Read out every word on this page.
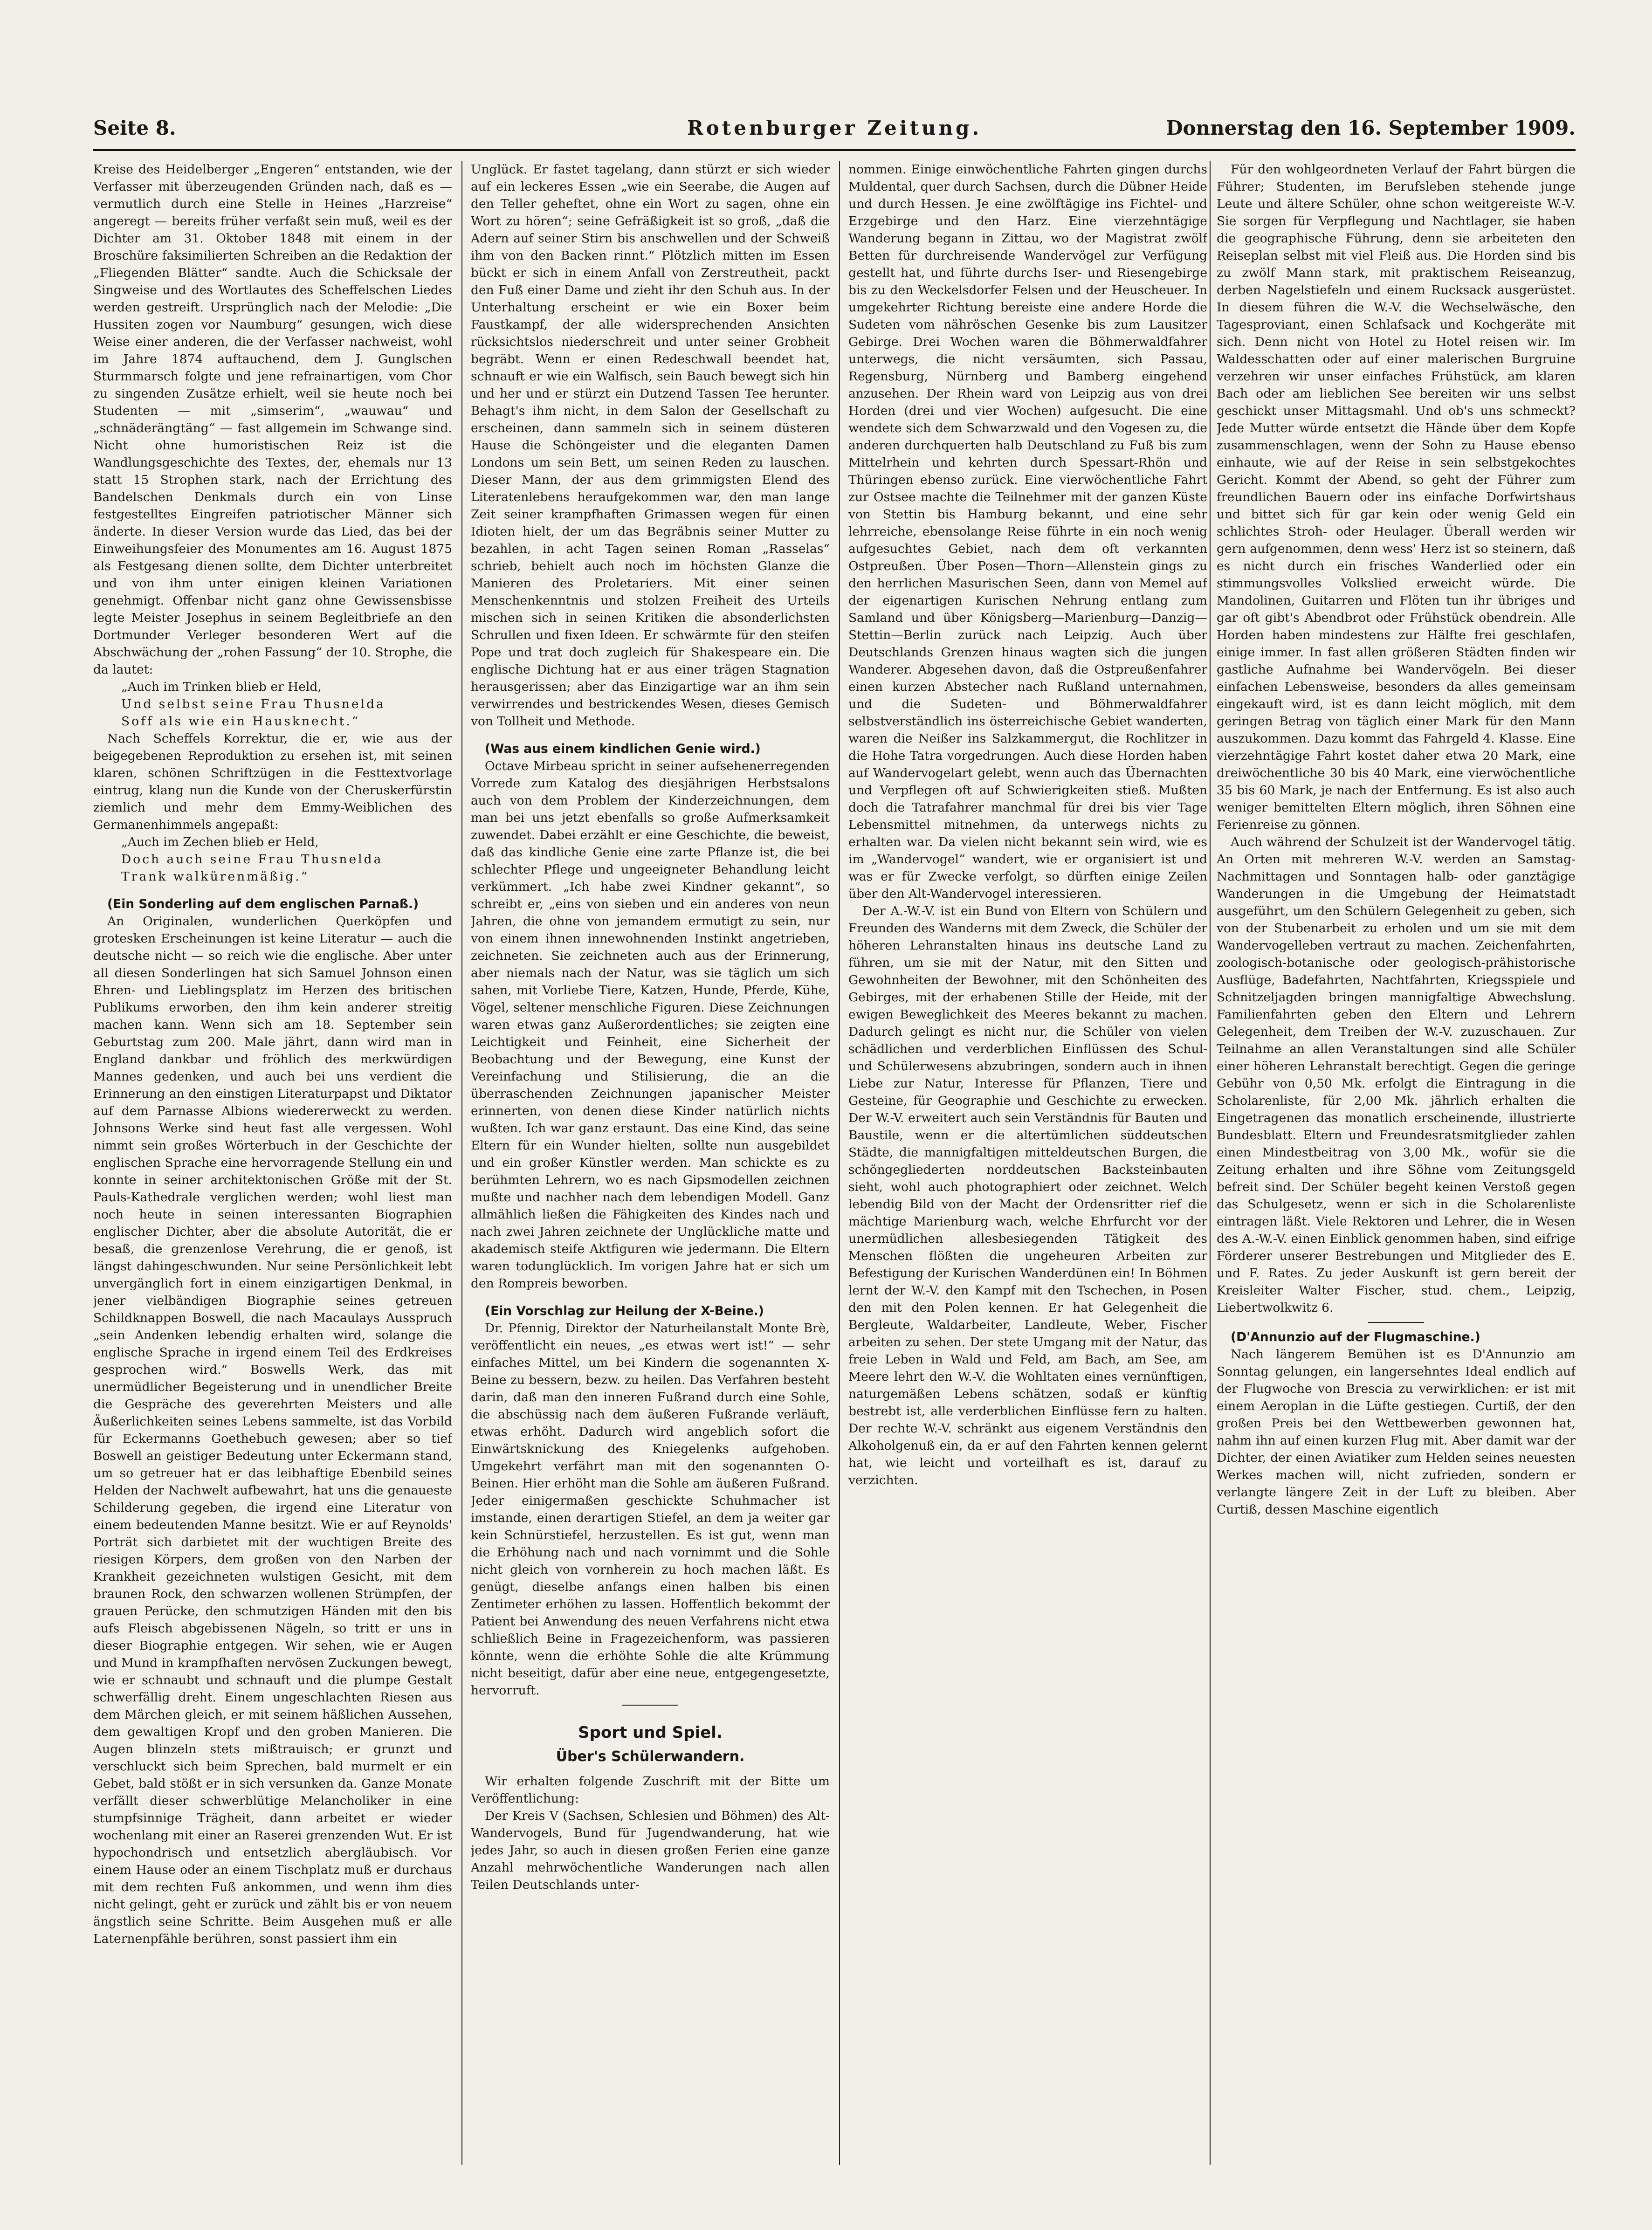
Seite 8.	Rotenburger Zeitung.	Donnerstag den 16. September 1909.

Kreise des Heidelberger „Engeren“ entstanden, wie der Verfasser mit überzeugenden Gründen nach, daß es — vermutlich durch eine Stelle in Heines „Harzreise“ angeregt — bereits früher verfaßt sein muß, weil es der Dichter am 31. Oktober 1848 mit einem in der Broschüre faksimilierten Schreiben an die Redaktion der „Fliegenden Blätter“ sandte. Auch die Schicksale der Singweise und des Wortlautes des Scheffelschen Liedes werden gestreift. Ursprünglich nach der Melodie: „Die Hussiten zogen vor Naumburg“ gesungen, wich diese Weise einer anderen, die der Verfasser nachweist, wohl im Jahre 1874 auftauchend, dem J. Gunglschen Sturmmarsch folgte und jene refrainartigen, vom Chor zu singenden Zusätze erhielt, weil sie heute noch bei Studenten — mit „simserim“, „wauwau“ und „schnäderängtäng“ — fast allgemein im Schwange sind. Nicht ohne humoristischen Reiz ist die Wandlungsgeschichte des Textes, der, ehemals nur 13 statt 15 Strophen stark, nach der Errichtung des Bandelschen Denkmals durch ein von Linse festgestelltes Eingreifen patriotischer Männer sich änderte. In dieser Version wurde das Lied, das bei der Einweihungsfeier des Monumentes am 16. August 1875 als Festgesang dienen sollte, dem Dichter unterbreitet und von ihm unter einigen kleinen Variationen genehmigt. Offenbar nicht ganz ohne Gewissensbisse legte Meister Josephus in seinem Begleitbriefe an den Dortmunder Verleger besonderen Wert auf die Abschwächung der „rohen Fassung“ der 10. Strophe, die da lautet:

„Auch im Trinken blieb er Held,

Und selbst seine Frau Thusnelda

Soff als wie ein Hausknecht.“

Nach Scheffels Korrektur, die er, wie aus der beigegebenen Reproduktion zu ersehen ist, mit seinen klaren, schönen Schriftzügen in die Festtextvorlage eintrug, klang nun die Kunde von der Cheruskerfürstin ziemlich und mehr dem Emmy-Weiblichen des Germanenhimmels angepaßt:

„Auch im Zechen blieb er Held,

Doch auch seine Frau Thusnelda

Trank walkürenmäßig.“

(Ein Sonderling auf dem englischen Parnaß.)

An Originalen, wunderlichen Querköpfen und grotesken Erscheinungen ist keine Literatur — auch die deutsche nicht — so reich wie die englische. Aber unter all diesen Sonderlingen hat sich Samuel Johnson einen Ehren- und Lieblingsplatz im Herzen des britischen Publikums erworben, den ihm kein anderer streitig machen kann. Wenn sich am 18. September sein Geburtstag zum 200. Male jährt, dann wird man in England dankbar und fröhlich des merkwürdigen Mannes gedenken, und auch bei uns verdient die Erinnerung an den einstigen Literaturpapst und Diktator auf dem Parnasse Albions wiedererweckt zu werden. Johnsons Werke sind heut fast alle vergessen. Wohl nimmt sein großes Wörterbuch in der Geschichte der englischen Sprache eine hervorragende Stellung ein und konnte in seiner architektonischen Größe mit der St. Pauls-Kathedrale verglichen werden; wohl liest man noch heute in seinen interessanten Biographien englischer Dichter, aber die absolute Autorität, die er besaß, die grenzenlose Verehrung, die er genoß, ist längst dahingeschwunden. Nur seine Persönlichkeit lebt unvergänglich fort in einem einzigartigen Denkmal, in jener vielbändigen Biographie seines getreuen Schildknappen Boswell, die nach Macaulays Ausspruch „sein Andenken lebendig erhalten wird, solange die englische Sprache in irgend einem Teil des Erdkreises gesprochen wird.“ Boswells Werk, das mit unermüdlicher Begeisterung und in unendlicher Breite die Gespräche des geverehrten Meisters und alle Äußerlichkeiten seines Lebens sammelte, ist das Vorbild für Eckermanns Goethebuch gewesen; aber so tief Boswell an geistiger Bedeutung unter Eckermann stand, um so getreuer hat er das leibhaftige Ebenbild seines Helden der Nachwelt aufbewahrt, hat uns die genaueste Schilderung gegeben, die irgend eine Literatur von einem bedeutenden Manne besitzt. Wie er auf Reynolds' Porträt sich darbietet mit der wuchtigen Breite des riesigen Körpers, dem großen von den Narben der Krankheit gezeichneten wulstigen Gesicht, mit dem braunen Rock, den schwarzen wollenen Strümpfen, der grauen Perücke, den schmutzigen Händen mit den bis aufs Fleisch abgebissenen Nägeln, so tritt er uns in dieser Biographie entgegen. Wir sehen, wie er Augen und Mund in krampfhaften nervösen Zuckungen bewegt, wie er schnaubt und schnauft und die plumpe Gestalt schwerfällig dreht. Einem ungeschlachten Riesen aus dem Märchen gleich, er mit seinem häßlichen Aussehen, dem gewaltigen Kropf und den groben Manieren. Die Augen blinzeln stets mißtrauisch; er grunzt und verschluckt sich beim Sprechen, bald murmelt er ein Gebet, bald stößt er in sich versunken da. Ganze Monate verfällt dieser schwerblütige Melancholiker in eine stumpfsinnige Trägheit, dann arbeitet er wieder wochenlang mit einer an Raserei grenzenden Wut. Er ist hypochondrisch und entsetzlich abergläubisch. Vor einem Hause oder an einem Tischplatz muß er durchaus mit dem rechten Fuß ankommen, und wenn ihm dies nicht gelingt, geht er zurück und zählt bis er von neuem ängstlich seine Schritte. Beim Ausgehen muß er alle Laternenpfähle berühren, sonst passiert ihm ein

Unglück. Er fastet tagelang, dann stürzt er sich wieder auf ein leckeres Essen „wie ein Seerabe, die Augen auf den Teller geheftet, ohne ein Wort zu sagen, ohne ein Wort zu hören“; seine Gefräßigkeit ist so groß, „daß die Adern auf seiner Stirn bis anschwellen und der Schweiß ihm von den Backen rinnt.“ Plötzlich mitten im Essen bückt er sich in einem Anfall von Zerstreutheit, packt den Fuß einer Dame und zieht ihr den Schuh aus. In der Unterhaltung erscheint er wie ein Boxer beim Faustkampf, der alle widersprechenden Ansichten rücksichtslos niederschreit und unter seiner Grobheit begräbt. Wenn er einen Redeschwall beendet hat, schnauft er wie ein Walfisch, sein Bauch bewegt sich hin und her und er stürzt ein Dutzend Tassen Tee herunter. Behagt's ihm nicht, in dem Salon der Gesellschaft zu erscheinen, dann sammeln sich in seinem düsteren Hause die Schöngeister und die eleganten Damen Londons um sein Bett, um seinen Reden zu lauschen. Dieser Mann, der aus dem grimmigsten Elend des Literatenlebens heraufgekommen war, den man lange Zeit seiner krampfhaften Grimassen wegen für einen Idioten hielt, der um das Begräbnis seiner Mutter zu bezahlen, in acht Tagen seinen Roman „Rasselas“ schrieb, behielt auch noch im höchsten Glanze die Manieren des Proletariers. Mit einer seinen Menschenkenntnis und stolzen Freiheit des Urteils mischen sich in seinen Kritiken die absonderlichsten Schrullen und fixen Ideen. Er schwärmte für den steifen Pope und trat doch zugleich für Shakespeare ein. Die englische Dichtung hat er aus einer trägen Stagnation herausgerissen; aber das Einzigartige war an ihm sein verwirrendes und bestrickendes Wesen, dieses Gemisch von Tollheit und Methode.

(Was aus einem kindlichen Genie wird.)

Octave Mirbeau spricht in seiner aufsehenerregenden Vorrede zum Katalog des diesjährigen Herbstsalons auch von dem Problem der Kinderzeichnungen, dem man bei uns jetzt ebenfalls so große Aufmerksamkeit zuwendet. Dabei erzählt er eine Geschichte, die beweist, daß das kindliche Genie eine zarte Pflanze ist, die bei schlechter Pflege und ungeeigneter Behandlung leicht verkümmert. „Ich habe zwei Kindner gekannt“, so schreibt er, „eins von sieben und ein anderes von neun Jahren, die ohne von jemandem ermutigt zu sein, nur von einem ihnen innewohnenden Instinkt angetrieben, zeichneten. Sie zeichneten auch aus der Erinnerung, aber niemals nach der Natur, was sie täglich um sich sahen, mit Vorliebe Tiere, Katzen, Hunde, Pferde, Kühe, Vögel, seltener menschliche Figuren. Diese Zeichnungen waren etwas ganz Außerordentliches; sie zeigten eine Leichtigkeit und Feinheit, eine Sicherheit der Beobachtung und der Bewegung, eine Kunst der Vereinfachung und Stilisierung, die an die überraschenden Zeichnungen japanischer Meister erinnerten, von denen diese Kinder natürlich nichts wußten. Ich war ganz erstaunt. Das eine Kind, das seine Eltern für ein Wunder hielten, sollte nun ausgebildet und ein großer Künstler werden. Man schickte es zu berühmten Lehrern, wo es nach Gipsmodellen zeichnen mußte und nachher nach dem lebendigen Modell. Ganz allmählich ließen die Fähigkeiten des Kindes nach und nach zwei Jahren zeichnete der Unglückliche matte und akademisch steife Aktfiguren wie jedermann. Die Eltern waren todunglücklich. Im vorigen Jahre hat er sich um den Rompreis beworben.

(Ein Vorschlag zur Heilung der X-Beine.)

Dr. Pfennig, Direktor der Naturheilanstalt Monte Brè, veröffentlicht ein neues, „es etwas wert ist!“ — sehr einfaches Mittel, um bei Kindern die sogenannten X-Beine zu bessern, bezw. zu heilen. Das Verfahren besteht darin, daß man den inneren Fußrand durch eine Sohle, die abschüssig nach dem äußeren Fußrande verläuft, etwas erhöht. Dadurch wird angeblich sofort die Einwärtsknickung des Kniegelenks aufgehoben. Umgekehrt verfährt man mit den sogenannten O-Beinen. Hier erhöht man die Sohle am äußeren Fußrand. Jeder einigermaßen geschickte Schuhmacher ist imstande, einen derartigen Stiefel, an dem ja weiter gar kein Schnürstiefel, herzustellen. Es ist gut, wenn man die Erhöhung nach und nach vornimmt und die Sohle nicht gleich von vornherein zu hoch machen läßt. Es genügt, dieselbe anfangs einen halben bis einen Zentimeter erhöhen zu lassen. Hoffentlich bekommt der Patient bei Anwendung des neuen Verfahrens nicht etwa schließlich Beine in Fragezeichenform, was passieren könnte, wenn die erhöhte Sohle die alte Krümmung nicht beseitigt, dafür aber eine neue, entgegengesetzte, hervorruft.

Sport und Spiel.
Über's Schülerwandern.

Wir erhalten folgende Zuschrift mit der Bitte um Veröffentlichung:

Der Kreis V (Sachsen, Schlesien und Böhmen) des Alt-Wandervogels, Bund für Jugendwanderung, hat wie jedes Jahr, so auch in diesen großen Ferien eine ganze Anzahl mehrwöchentliche Wanderungen nach allen Teilen Deutschlands unter-

nommen. Einige einwöchentliche Fahrten gingen durchs Muldental, quer durch Sachsen, durch die Dübner Heide und durch Hessen. Je eine zwölftägige ins Fichtel- und Erzgebirge und den Harz. Eine vierzehntägige Wanderung begann in Zittau, wo der Magistrat zwölf Betten für durchreisende Wandervögel zur Verfügung gestellt hat, und führte durchs Iser- und Riesengebirge bis zu den Weckelsdorfer Felsen und der Heuscheuer. In umgekehrter Richtung bereiste eine andere Horde die Sudeten vom nähröschen Gesenke bis zum Lausitzer Gebirge. Drei Wochen waren die Böhmerwaldfahrer unterwegs, die nicht versäumten, sich Passau, Regensburg, Nürnberg und Bamberg eingehend anzusehen. Der Rhein ward von Leipzig aus von drei Horden (drei und vier Wochen) aufgesucht. Die eine wendete sich dem Schwarzwald und den Vogesen zu, die anderen durchquerten halb Deutschland zu Fuß bis zum Mittelrhein und kehrten durch Spessart-Rhön und Thüringen ebenso zurück. Eine vierwöchentliche Fahrt zur Ostsee machte die Teilnehmer mit der ganzen Küste von Stettin bis Hamburg bekannt, und eine sehr lehrreiche, ebensolange Reise führte in ein noch wenig aufgesuchtes Gebiet, nach dem oft verkannten Ostpreußen. Über Posen—Thorn—Allenstein gings zu den herrlichen Masurischen Seen, dann von Memel auf der eigenartigen Kurischen Nehrung entlang zum Samland und über Königsberg—Marienburg—Danzig—Stettin—Berlin zurück nach Leipzig. Auch über Deutschlands Grenzen hinaus wagten sich die jungen Wanderer. Abgesehen davon, daß die Ostpreußenfahrer einen kurzen Abstecher nach Rußland unternahmen, und die Sudeten- und Böhmerwaldfahrer selbstverständlich ins österreichische Gebiet wanderten, waren die Neißer ins Salzkammergut, die Rochlitzer in die Hohe Tatra vorgedrungen. Auch diese Horden haben auf Wandervogelart gelebt, wenn auch das Übernachten und Verpflegen oft auf Schwierigkeiten stieß. Mußten doch die Tatrafahrer manchmal für drei bis vier Tage Lebensmittel mitnehmen, da unterwegs nichts zu erhalten war. Da vielen nicht bekannt sein wird, wie es im „Wandervogel“ wandert, wie er organisiert ist und was er für Zwecke verfolgt, so dürften einige Zeilen über den Alt-Wandervogel interessieren.

Der A.-W.-V. ist ein Bund von Eltern von Schülern und Freunden des Wanderns mit dem Zweck, die Schüler der höheren Lehranstalten hinaus ins deutsche Land zu führen, um sie mit der Natur, mit den Sitten und Gewohnheiten der Bewohner, mit den Schönheiten des Gebirges, mit der erhabenen Stille der Heide, mit der ewigen Beweglichkeit des Meeres bekannt zu machen. Dadurch gelingt es nicht nur, die Schüler von vielen schädlichen und verderblichen Einflüssen des Schul- und Schülerwesens abzubringen, sondern auch in ihnen Liebe zur Natur, Interesse für Pflanzen, Tiere und Gesteine, für Geographie und Geschichte zu erwecken. Der W.-V. erweitert auch sein Verständnis für Bauten und Baustile, wenn er die altertümlichen süddeutschen Städte, die mannigfaltigen mitteldeutschen Burgen, die schöngegliederten norddeutschen Backsteinbauten sieht, wohl auch photographiert oder zeichnet. Welch lebendig Bild von der Macht der Ordensritter rief die mächtige Marienburg wach, welche Ehrfurcht vor der unermüdlichen allesbesiegenden Tätigkeit des Menschen flößten die ungeheuren Arbeiten zur Befestigung der Kurischen Wanderdünen ein! In Böhmen lernt der W.-V. den Kampf mit den Tschechen, in Posen den mit den Polen kennen. Er hat Gelegenheit die Bergleute, Waldarbeiter, Landleute, Weber, Fischer arbeiten zu sehen. Der stete Umgang mit der Natur, das freie Leben in Wald und Feld, am Bach, am See, am Meere lehrt den W.-V. die Wohltaten eines vernünftigen, naturgemäßen Lebens schätzen, sodaß er künftig bestrebt ist, alle verderblichen Einflüsse fern zu halten. Der rechte W.-V. schränkt aus eigenem Verständnis den Alkoholgenuß ein, da er auf den Fahrten kennen gelernt hat, wie leicht und vorteilhaft es ist, darauf zu verzichten.

Für den wohlgeordneten Verlauf der Fahrt bürgen die Führer; Studenten, im Berufsleben stehende junge Leute und ältere Schüler, ohne schon weitgereiste W.-V. Sie sorgen für Verpflegung und Nachtlager, sie haben die geographische Führung, denn sie arbeiteten den Reiseplan selbst mit viel Fleiß aus. Die Horden sind bis zu zwölf Mann stark, mit praktischem Reiseanzug, derben Nagelstiefeln und einem Rucksack ausgerüstet. In diesem führen die W.-V. die Wechselwäsche, den Tagesproviant, einen Schlafsack und Kochgeräte mit sich. Denn nicht von Hotel zu Hotel reisen wir. Im Waldesschatten oder auf einer malerischen Burgruine verzehren wir unser einfaches Frühstück, am klaren Bach oder am lieblichen See bereiten wir uns selbst geschickt unser Mittagsmahl. Und ob's uns schmeckt? Jede Mutter würde entsetzt die Hände über dem Kopfe zusammenschlagen, wenn der Sohn zu Hause ebenso einhaute, wie auf der Reise in sein selbstgekochtes Gericht. Kommt der Abend, so geht der Führer zum freundlichen Bauern oder ins einfache Dorfwirtshaus und bittet sich für gar kein oder wenig Geld ein schlichtes Stroh- oder Heulager. Überall werden wir gern aufgenommen, denn wess' Herz ist so steinern, daß es nicht durch ein frisches Wanderlied oder ein stimmungsvolles Volkslied erweicht würde. Die Mandolinen, Guitarren und Flöten tun ihr übriges und gar oft gibt's Abendbrot oder Frühstück obendrein. Alle Horden haben mindestens zur Hälfte frei geschlafen, einige immer. In fast allen größeren Städten finden wir gastliche Aufnahme bei Wandervögeln. Bei dieser einfachen Lebensweise, besonders da alles gemeinsam eingekauft wird, ist es dann leicht möglich, mit dem geringen Betrag von täglich einer Mark für den Mann auszukommen. Dazu kommt das Fahrgeld 4. Klasse. Eine vierzehntägige Fahrt kostet daher etwa 20 Mark, eine dreiwöchentliche 30 bis 40 Mark, eine vierwöchentliche 35 bis 60 Mark, je nach der Entfernung. Es ist also auch weniger bemittelten Eltern möglich, ihren Söhnen eine Ferienreise zu gönnen.

Auch während der Schulzeit ist der Wandervogel tätig. An Orten mit mehreren W.-V. werden an Samstag-Nachmittagen und Sonntagen halb- oder ganztägige Wanderungen in die Umgebung der Heimatstadt ausgeführt, um den Schülern Gelegenheit zu geben, sich von der Stubenarbeit zu erholen und um sie mit dem Wandervogelleben vertraut zu machen. Zeichenfahrten, zoologisch-botanische oder geologisch-prähistorische Ausflüge, Badefahrten, Nachtfahrten, Kriegsspiele und Schnitzeljagden bringen mannigfaltige Abwechslung. Familienfahrten geben den Eltern und Lehrern Gelegenheit, dem Treiben der W.-V. zuzuschauen. Zur Teilnahme an allen Veranstaltungen sind alle Schüler einer höheren Lehranstalt berechtigt. Gegen die geringe Gebühr von 0,50 Mk. erfolgt die Eintragung in die Scholarenliste, für 2,00 Mk. jährlich erhalten die Eingetragenen das monatlich erscheinende, illustrierte Bundesblatt. Eltern und Freundesratsmitglieder zahlen einen Mindestbeitrag von 3,00 Mk., wofür sie die Zeitung erhalten und ihre Söhne vom Zeitungsgeld befreit sind. Der Schüler begeht keinen Verstoß gegen das Schulgesetz, wenn er sich in die Scholarenliste eintragen läßt. Viele Rektoren und Lehrer, die in Wesen des A.-W.-V. einen Einblick genommen haben, sind eifrige Förderer unserer Bestrebungen und Mitglieder des E. und F. Rates. Zu jeder Auskunft ist gern bereit der Kreisleiter Walter Fischer, stud. chem., Leipzig, Liebertwolkwitz 6.

(D'Annunzio auf der Flugmaschine.)

Nach längerem Bemühen ist es D'Annunzio am Sonntag gelungen, ein langersehntes Ideal endlich auf der Flugwoche von Brescia zu verwirklichen: er ist mit einem Aeroplan in die Lüfte gestiegen. Curtiß, der den großen Preis bei den Wettbewerben gewonnen hat, nahm ihn auf einen kurzen Flug mit. Aber damit war der Dichter, der einen Aviatiker zum Helden seines neuesten Werkes machen will, nicht zufrieden, sondern er verlangte längere Zeit in der Luft zu bleiben. Aber Curtiß, dessen Maschine eigentlich
